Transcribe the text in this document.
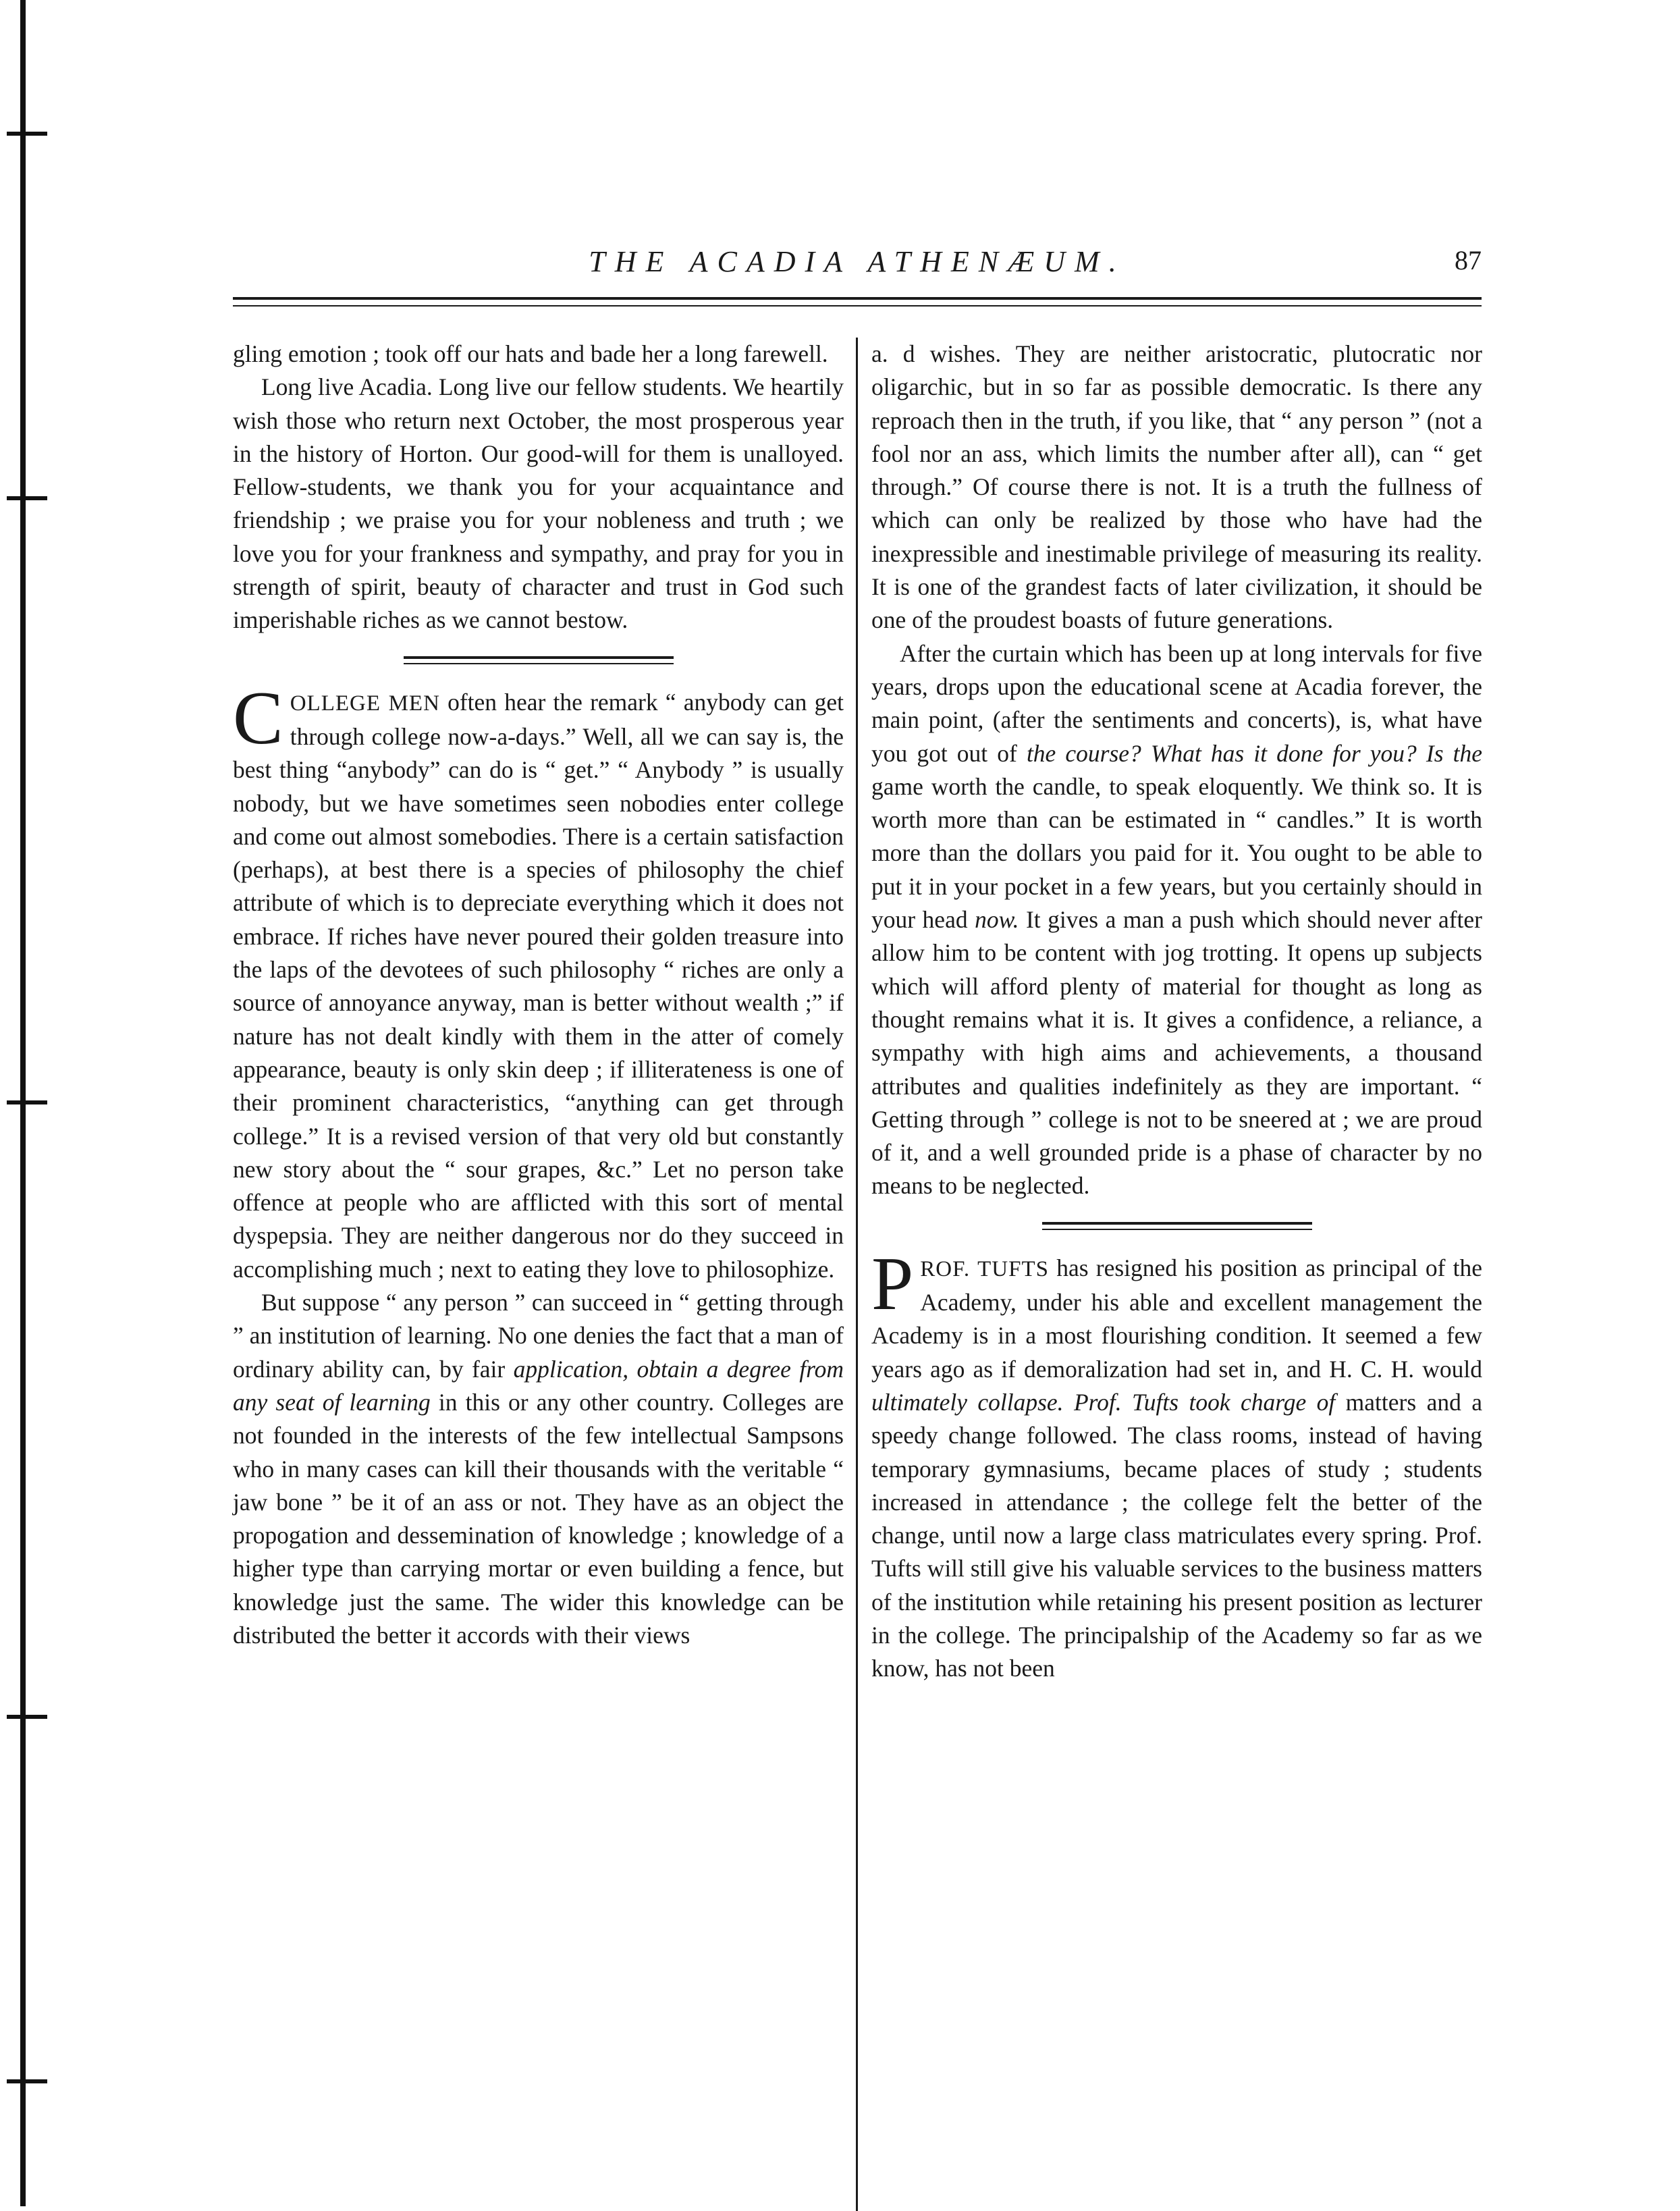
THE ACADIA ATHENÆUM.	87

gling emotion ; took off our hats and bade her a long farewell.

Long live Acadia. Long live our fellow students. We heartily wish those who return next October, the most prosperous year in the history of Horton. Our good-will for them is unalloyed. Fellow-students, we thank you for your acquaintance and friendship ; we praise you for your nobleness and truth ; we love you for your frankness and sympathy, and pray for you in strength of spirit, beauty of character and trust in God such imperishable riches as we cannot bestow.

COLLEGE MEN often hear the remark “ anybody can get through college now-a-days.” Well, all we can say is, the best thing “anybody” can do is “ get.” “ Anybody ” is usually nobody, but we have sometimes seen nobodies enter college and come out almost somebodies. There is a certain satisfaction (perhaps), at best there is a species of philosophy the chief attribute of which is to depreciate everything which it does not embrace. If riches have never poured their golden treasure into the laps of the devotees of such philosophy “ riches are only a source of annoyance anyway, man is better without wealth ;” if nature has not dealt kindly with them in the atter of comely appearance, beauty is only skin deep ; if illiterateness is one of their prominent characteristics, “anything can get through college.” It is a revised version of that very old but constantly new story about the “ sour grapes, &c.” Let no person take offence at people who are afflicted with this sort of mental dyspepsia. They are neither dangerous nor do they succeed in accomplishing much ; next to eating they love to philosophize.

But suppose “ any person ” can succeed in “ getting through ” an institution of learning. No one denies the fact that a man of ordinary ability can, by fair application, obtain a degree from any seat of learning in this or any other country. Colleges are not founded in the interests of the few intellectual Sampsons who in many cases can kill their thousands with the veritable “ jaw bone ” be it of an ass or not. They have as an object the propogation and dessemination of knowledge ; knowledge of a higher type than carrying mortar or even building a fence, but knowledge just the same. The wider this knowledge can be distributed the better it accords with their views

a. d wishes. They are neither aristocratic, plutocratic nor oligarchic, but in so far as possible democratic. Is there any reproach then in the truth, if you like, that “ any person ” (not a fool nor an ass, which limits the number after all), can “ get through.” Of course there is not. It is a truth the fullness of which can only be realized by those who have had the inexpressible and inestimable privilege of measuring its reality. It is one of the grandest facts of later civilization, it should be one of the proudest boasts of future generations.

After the curtain which has been up at long intervals for five years, drops upon the educational scene at Acadia forever, the main point, (after the sentiments and concerts), is, what have you got out of the course? What has it done for you? Is the game worth the candle, to speak eloquently. We think so. It is worth more than can be estimated in “ candles.” It is worth more than the dollars you paid for it. You ought to be able to put it in your pocket in a few years, but you certainly should in your head now. It gives a man a push which should never after allow him to be content with jog trotting. It opens up subjects which will afford plenty of material for thought as long as thought remains what it is. It gives a confidence, a reliance, a sympathy with high aims and achievements, a thousand attributes and qualities indefinitely as they are important. “ Getting through ” college is not to be sneered at ; we are proud of it, and a well grounded pride is a phase of character by no means to be neglected.

PROF. TUFTS has resigned his position as principal of the Academy, under his able and excellent management the Academy is in a most flourishing condition. It seemed a few years ago as if demoralization had set in, and H. C. H. would ultimately collapse. Prof. Tufts took charge of matters and a speedy change followed. The class rooms, instead of having temporary gymnasiums, became places of study ; students increased in attendance ; the college felt the better of the change, until now a large class matriculates every spring. Prof. Tufts will still give his valuable services to the business matters of the institution while retaining his present position as lecturer in the college. The principalship of the Academy so far as we know, has not been
